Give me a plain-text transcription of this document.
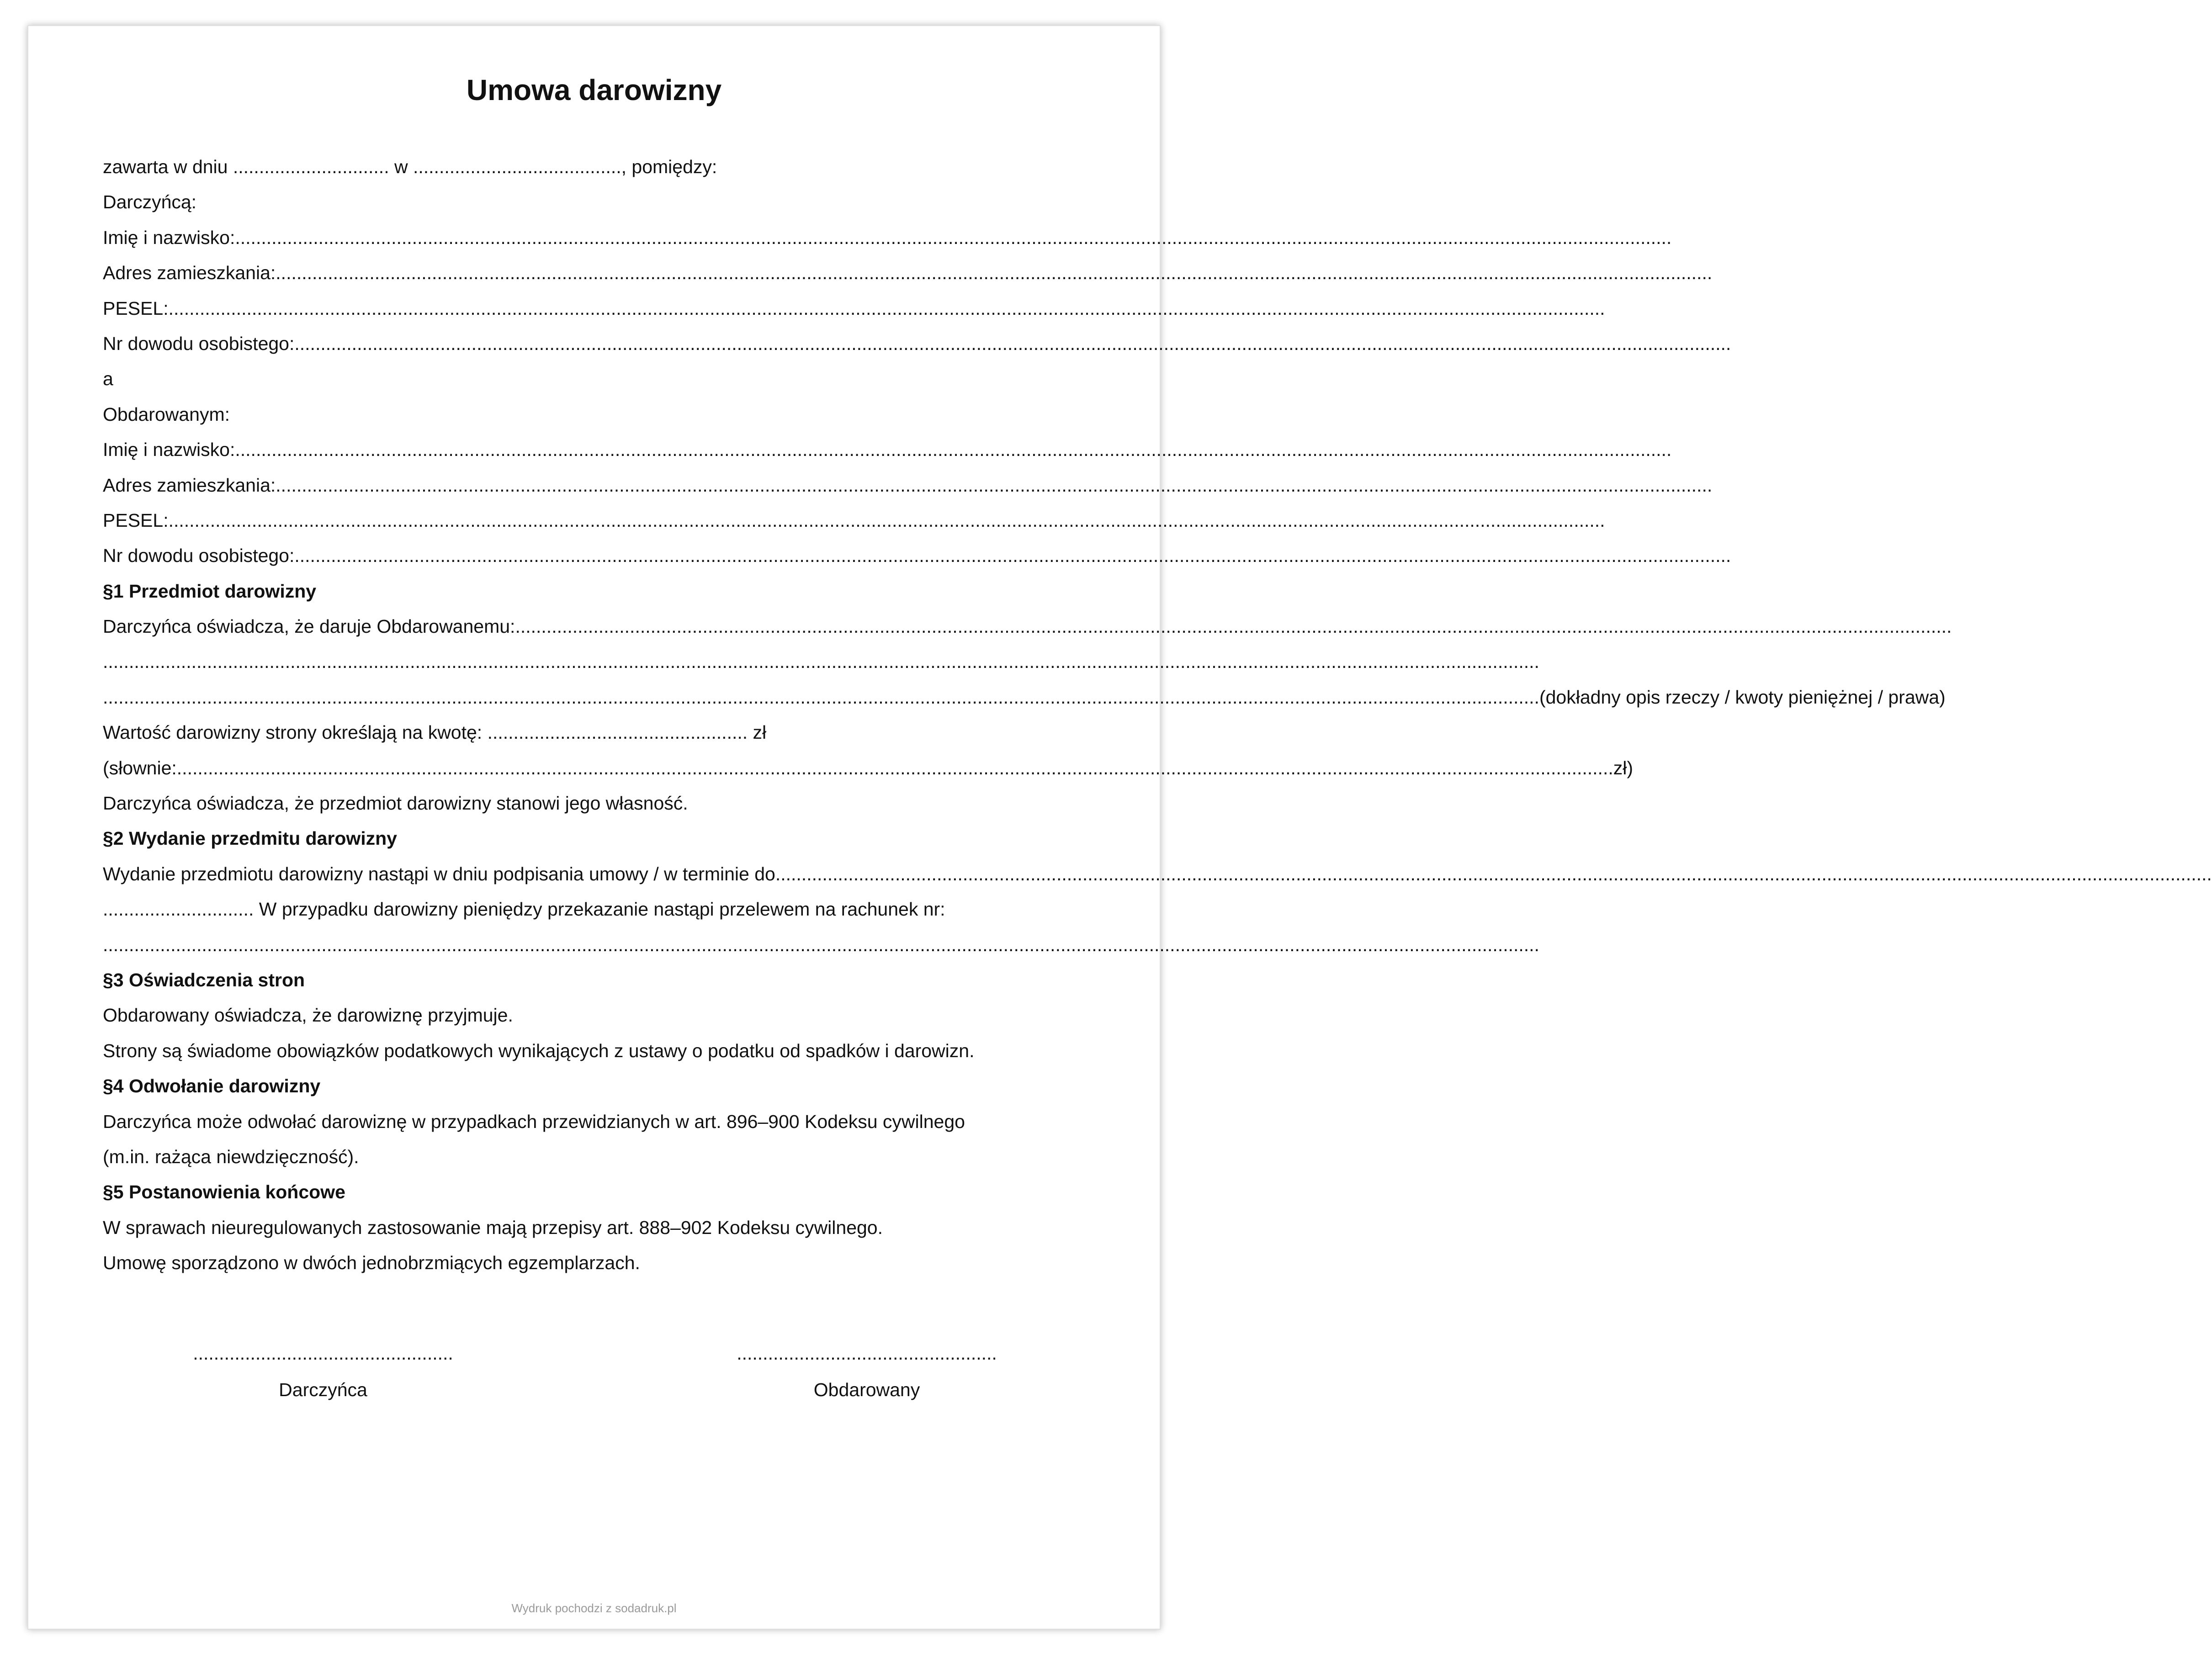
Umowa darowizny
zawarta w dniu .............................. w ........................................, pomiędzy:
Darczyńcą:
Imię i nazwisko: ....................................................................................................................................................................................................................................................................................
Adres zamieszkania: ....................................................................................................................................................................................................................................................................................
PESEL: ....................................................................................................................................................................................................................................................................................
Nr dowodu osobistego: ....................................................................................................................................................................................................................................................................................
a
Obdarowanym:
Imię i nazwisko: ....................................................................................................................................................................................................................................................................................
Adres zamieszkania: ....................................................................................................................................................................................................................................................................................
PESEL: ....................................................................................................................................................................................................................................................................................
Nr dowodu osobistego: ....................................................................................................................................................................................................................................................................................
§1 Przedmiot darowizny
Darczyńca oświadcza, że daruje Obdarowanemu: ....................................................................................................................................................................................................................................................................................
....................................................................................................................................................................................................................................................................................
.................................................................................................................................................................................................................................................................................... (dokładny opis rzeczy / kwoty pieniężnej / prawa)
Wartość darowizny strony określają na kwotę: .................................................. zł
(słownie: .................................................................................................................................................................................................................................................................................... zł)
Darczyńca oświadcza, że przedmiot darowizny stanowi jego własność.
§2 Wydanie przedmitu darowizny
Wydanie przedmiotu darowizny nastąpi w dniu podpisania umowy / w terminie do ....................................................................................................................................................................................................................................................................................
............................. W przypadku darowizny pieniędzy przekazanie nastąpi przelewem na rachunek nr:
....................................................................................................................................................................................................................................................................................
§3 Oświadczenia stron
Obdarowany oświadcza, że darowiznę przyjmuje.
Strony są świadome obowiązków podatkowych wynikających z ustawy o podatku od spadków i darowizn.
§4 Odwołanie darowizny
Darczyńca może odwołać darowiznę w przypadkach przewidzianych w art. 896–900 Kodeksu cywilnego
(m.in. rażąca niewdzięczność).
§5 Postanowienia końcowe
W sprawach nieuregulowanych zastosowanie mają przepisy art. 888–902 Kodeksu cywilnego.
Umowę sporządzono w dwóch jednobrzmiących egzemplarzach.
..................................................
Darczyńca
..................................................
Obdarowany
Wydruk pochodzi z sodadruk.pl
